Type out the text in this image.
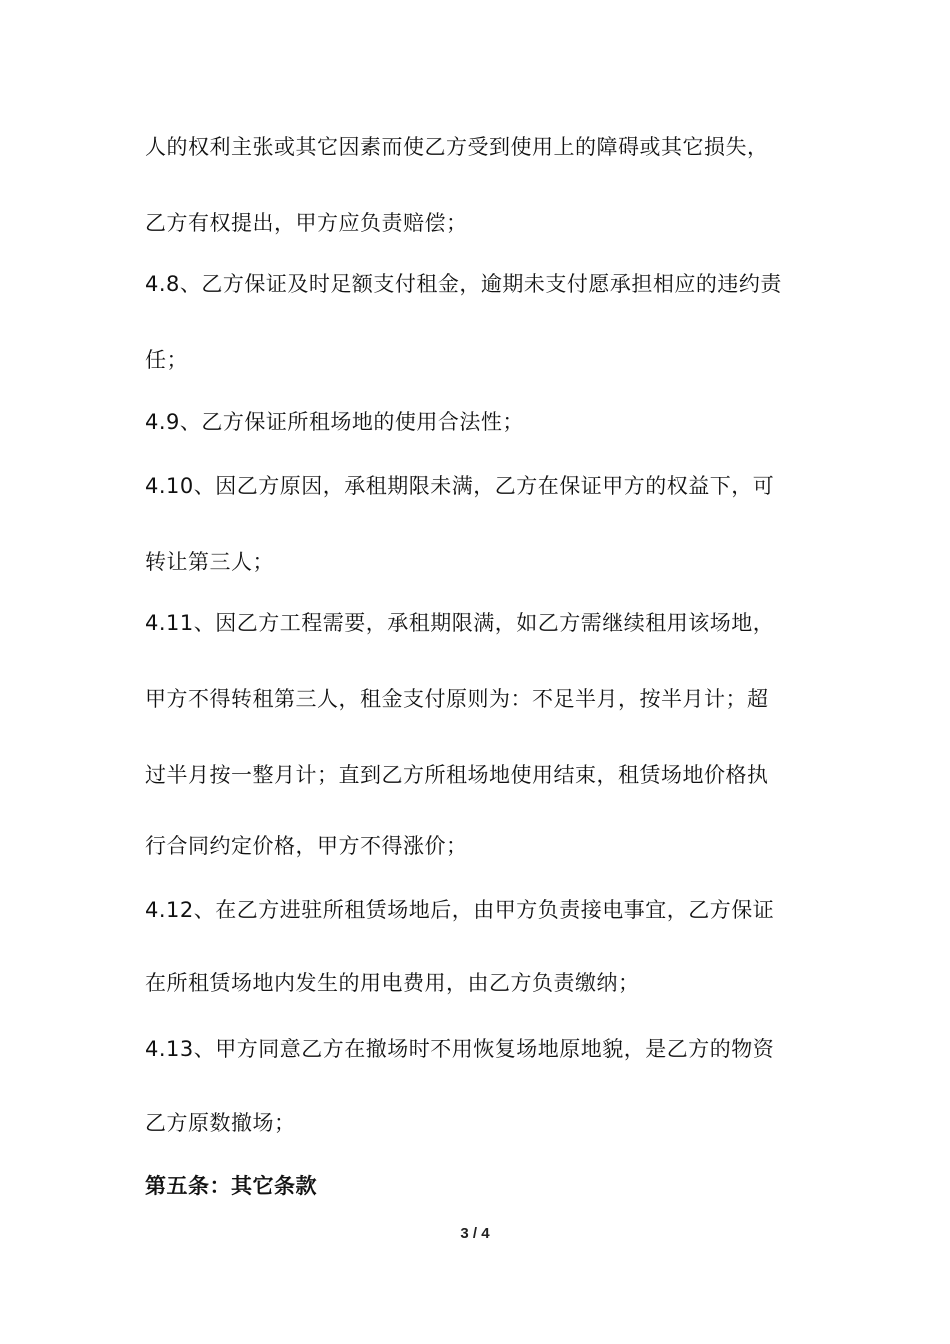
人的权利主张或其它因素而使乙方受到使用上的障碍或其它损失，
乙方有权提出，甲方应负责赔偿；
4.8、乙方保证及时足额支付租金，逾期未支付愿承担相应的违约责
任；
4.9、乙方保证所租场地的使用合法性；
4.10、因乙方原因，承租期限未满，乙方在保证甲方的权益下，可
转让第三人；
4.11、因乙方工程需要，承租期限满，如乙方需继续租用该场地，
甲方不得转租第三人，租金支付原则为：不足半月，按半月计；超
过半月按一整月计；直到乙方所租场地使用结束，租赁场地价格执
行合同约定价格，甲方不得涨价；
4.12、在乙方进驻所租赁场地后，由甲方负责接电事宜，乙方保证
在所租赁场地内发生的用电费用，由乙方负责缴纳；
4.13、甲方同意乙方在撤场时不用恢复场地原地貌，是乙方的物资
乙方原数撤场；
第五条：其它条款
3 / 4
